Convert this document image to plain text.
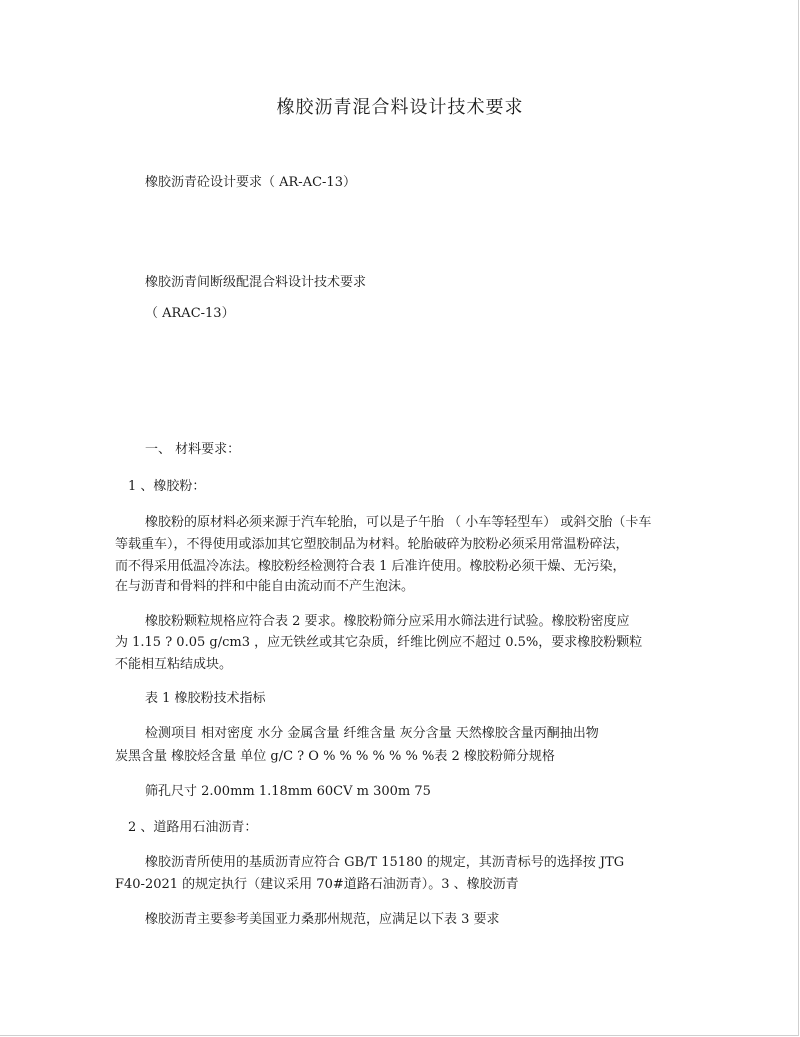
橡胶沥青混合料设计技术要求
橡胶沥青砼设计要求（ AR-AC-13）
橡胶沥青间断级配混合料设计技术要求
（ ARAC-13）
一、 材料要求：
1 、橡胶粉：
橡胶粉的原材料必须来源于汽车轮胎，可以是子午胎 （ 小车等轻型车） 或斜交胎（卡车
等载重车），不得使用或添加其它塑胶制品为材料。轮胎破碎为胶粉必须采用常温粉碎法，
而不得采用低温冷冻法。橡胶粉经检测符合表 1 后准许使用。橡胶粉必须干燥、无污染，
在与沥青和骨料的拌和中能自由流动而不产生泡沫。
橡胶粉颗粒规格应符合表 2 要求。橡胶粉筛分应采用水筛法进行试验。橡胶粉密度应
为 1.15 ? 0.05 g/cm3 ，应无铁丝或其它杂质，纤维比例应不超过 0.5%，要求橡胶粉颗粒
不能相互粘结成块。
表 1 橡胶粉技术指标
检测项目 相对密度 水分 金属含量 纤维含量 灰分含量 天然橡胶含量丙酮抽出物
炭黑含量 橡胶烃含量 单位 g/C ? O % % % % % % %表 2 橡胶粉筛分规格
筛孔尺寸 2.00mm 1.18mm 60CV m 300m 75
2 、道路用石油沥青：
橡胶沥青所使用的基质沥青应符合 GB/T 15180 的规定，其沥青标号的选择按 JTG
F40-2021 的规定执行（建议采用 70#道路石油沥青）。3 、橡胶沥青
橡胶沥青主要参考美国亚力桑那州规范，应满足以下表 3 要求
